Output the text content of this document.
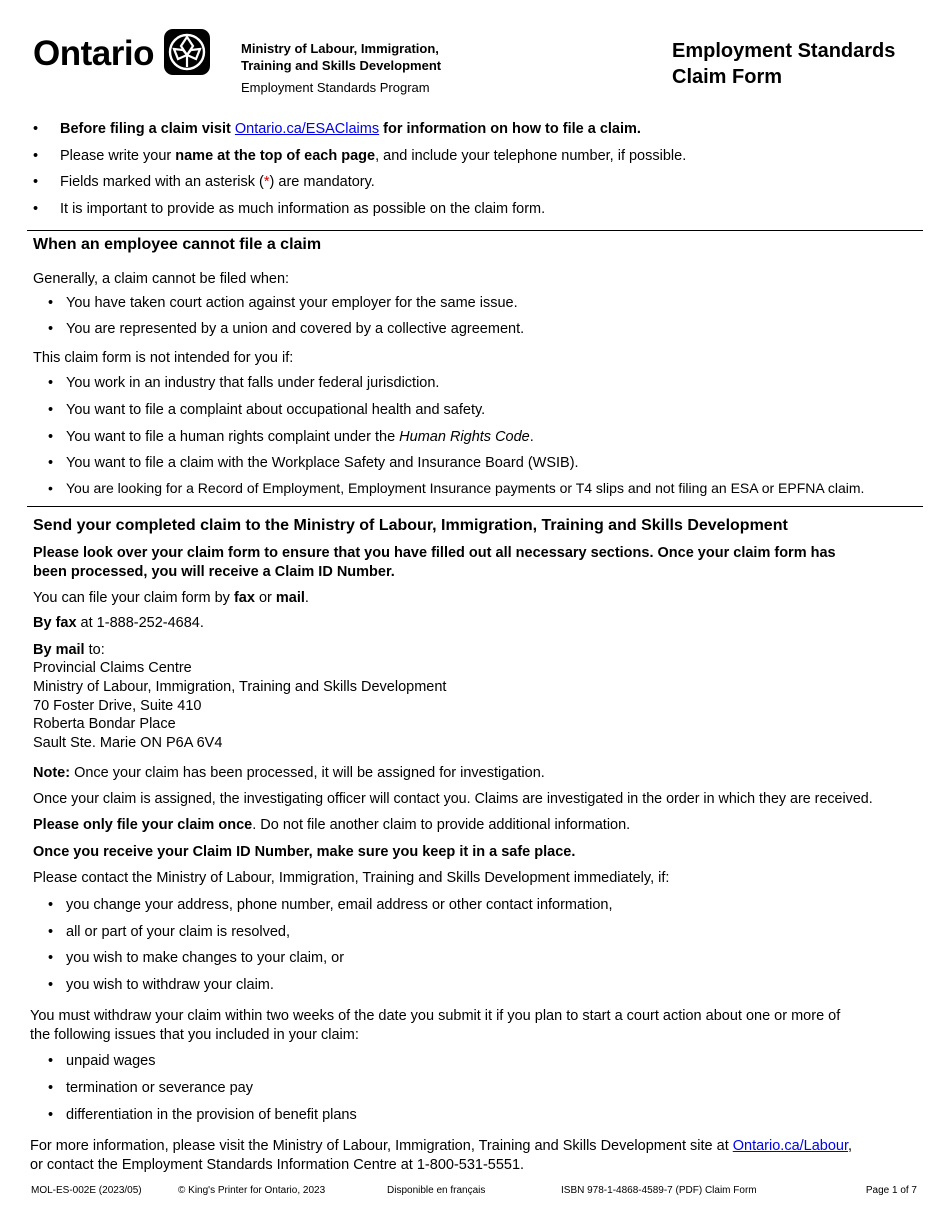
Ontario	Ministry of Labour, Immigration,
Training and Skills Development
Employment Standards Program
Employment Standards
Claim Form
• Before filing a claim visit Ontario.ca/ESAClaims for information on how to file a claim.
• Please write your name at the top of each page, and include your telephone number, if possible.
• Fields marked with an asterisk (*) are mandatory.
• It is important to provide as much information as possible on the claim form.
When an employee cannot file a claim
Generally, a claim cannot be filed when:
• You have taken court action against your employer for the same issue.
• You are represented by a union and covered by a collective agreement.
This claim form is not intended for you if:
• You work in an industry that falls under federal jurisdiction.
• You want to file a complaint about occupational health and safety.
• You want to file a human rights complaint under the Human Rights Code.
• You want to file a claim with the Workplace Safety and Insurance Board (WSIB).
• You are looking for a Record of Employment, Employment Insurance payments or T4 slips and not filing an ESA or EPFNA claim.
Send your completed claim to the Ministry of Labour, Immigration, Training and Skills Development
Please look over your claim form to ensure that you have filled out all necessary sections. Once your claim form has
been processed, you will receive a Claim ID Number.
You can file your claim form by fax or mail.
By fax at 1-888-252-4684.
By mail to:
Provincial Claims Centre
Ministry of Labour, Immigration, Training and Skills Development
70 Foster Drive, Suite 410
Roberta Bondar Place
Sault Ste. Marie ON P6A 6V4
Note: Once your claim has been processed, it will be assigned for investigation.
Once your claim is assigned, the investigating officer will contact you. Claims are investigated in the order in which they are received.
Please only file your claim once. Do not file another claim to provide additional information.
Once you receive your Claim ID Number, make sure you keep it in a safe place.
Please contact the Ministry of Labour, Immigration, Training and Skills Development immediately, if:
• you change your address, phone number, email address or other contact information,
• all or part of your claim is resolved,
• you wish to make changes to your claim, or
• you wish to withdraw your claim.
You must withdraw your claim within two weeks of the date you submit it if you plan to start a court action about one or more of
the following issues that you included in your claim:
• unpaid wages
• termination or severance pay
• differentiation in the provision of benefit plans
For more information, please visit the Ministry of Labour, Immigration, Training and Skills Development site at Ontario.ca/Labour,
or contact the Employment Standards Information Centre at 1-800-531-5551.
MOL-ES-002E (2023/05)	© King's Printer for Ontario, 2023	Disponible en français	ISBN 978-1-4868-4589-7 (PDF) Claim Form	Page 1 of 7
